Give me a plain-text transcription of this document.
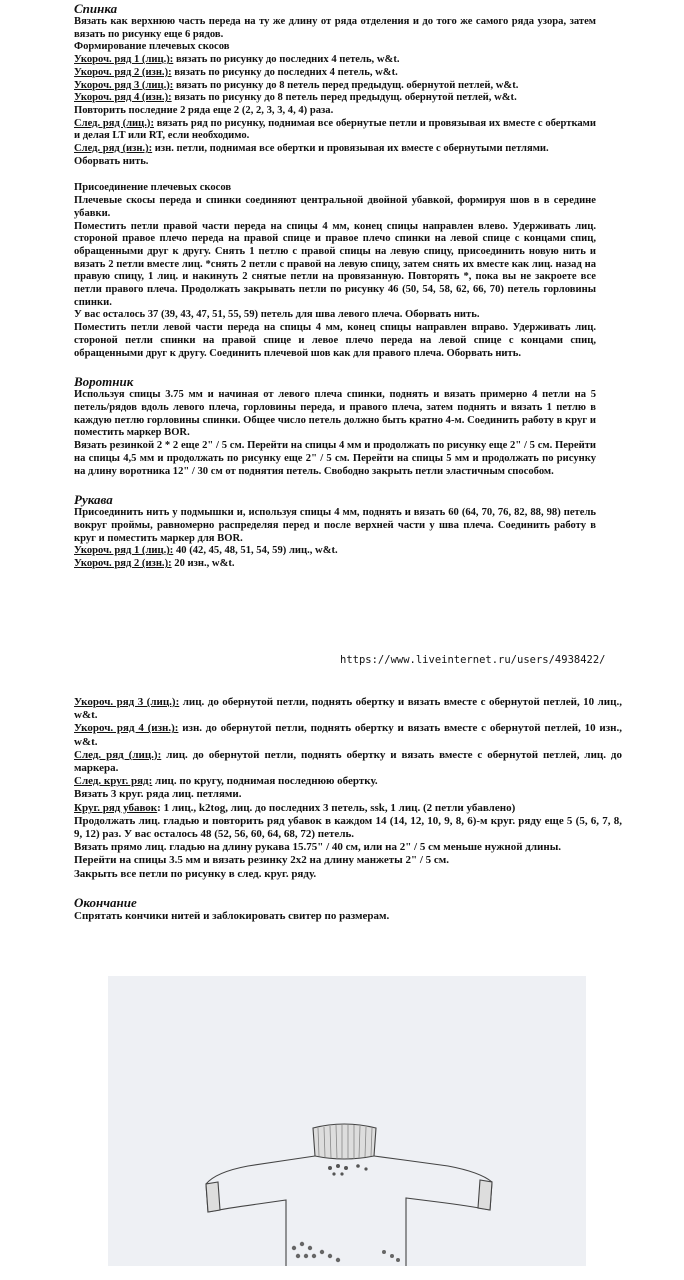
Спинка

Вязать как верхнюю часть переда на ту же длину от ряда отделения и до того же самого ряда узора, затем вязать по рисунку еще 6 рядов.

Формирование плечевых скосов

Укороч. ряд 1 (лиц.): вязать по рисунку до последних 4 петель, w&t.

Укороч. ряд 2 (изн.): вязать по рисунку до последних 4 петель, w&t.

Укороч. ряд 3 (лиц.): вязать по рисунку до 8 петель перед предыдущ. обернутой петлей, w&t.

Укороч. ряд 4 (изн.): вязать по рисунку до 8 петель перед предыдущ. обернутой петлей, w&t.

Повторить последние 2 ряда еще 2 (2, 2, 3, 3, 4, 4) раза.

След. ряд (лиц.): вязать ряд по рисунку, поднимая все обернутые петли и провязывая их вместе с обертками и делая LT или RT, если необходимо.

След. ряд (изн.): изн. петли, поднимая все обертки и провязывая их вместе с обернутыми петлями.

Оборвать нить.

Присоединение плечевых скосов

Плечевые скосы переда и спинки соединяют центральной двойной убавкой, формируя шов в в середине убавки.

Поместить петли правой части переда на спицы 4 мм, конец спицы направлен влево. Удерживать лиц. стороной правое плечо переда на правой спице и правое плечо спинки на левой спице с концами спиц, обращенными друг к другу. Снять 1 петлю с правой спицы на левую спицу, присоединить новую нить и вязать 2 петли вместе лиц. *снять 2 петли с правой на левую спицу, затем снять их вместе как лиц. назад на правую спицу, 1 лиц. и накинуть 2 снятые петли на провязанную. Повторять *, пока вы не закроете все петли правого плеча. Продолжать закрывать петли по рисунку 46 (50, 54, 58, 62, 66, 70) петель горловины спинки.

У вас осталось 37 (39, 43, 47, 51, 55, 59) петель для шва левого плеча. Оборвать нить.

Поместить петли левой части переда на спицы 4 мм, конец спицы направлен вправо. Удерживать лиц. стороной петли спинки на правой спице и левое плечо переда на левой спице с концами спиц, обращенными друг к другу. Соединить плечевой шов как для правого плеча. Оборвать нить.

Воротник

Используя спицы 3.75 мм и начиная от левого плеча спинки, поднять и вязать примерно 4 петли на 5 петель/рядов вдоль левого плеча, горловины переда, и правого плеча, затем поднять и вязать 1 петлю в каждую петлю горловины спинки. Общее число петель должно быть кратно 4-м. Соединить работу в круг и поместить маркер BOR.

Вязать резинкой 2 * 2 еще 2" / 5 см. Перейти на спицы 4 мм и продолжать по рисунку еще 2" / 5 см. Перейти на спицы 4,5 мм и продолжать по рисунку еще 2" / 5 см. Перейти на спицы 5 мм и продолжать по рисунку на длину воротника 12" / 30 см от поднятия петель. Свободно закрыть петли эластичным способом.

Рукава

Присоединить нить у подмышки и, используя спицы 4 мм, поднять и вязать 60 (64, 70, 76, 82, 88, 98) петель вокруг проймы, равномерно распределяя перед и после верхней части у шва плеча. Соединить работу в круг и поместить маркер для BOR.

Укороч. ряд 1 (лиц.): 40 (42, 45, 48, 51, 54, 59) лиц., w&t.

Укороч. ряд 2 (изн.): 20 изн., w&t.

https://www.liveinternet.ru/users/4938422/

Укороч. ряд 3 (лиц.): лиц. до обернутой петли, поднять обертку и вязать вместе с обернутой петлей, 10 лиц., w&t.

Укороч. ряд 4 (изн.): изн. до обернутой петли, поднять обертку и вязать вместе с обернутой петлей, 10 изн., w&t.

След. ряд (лиц.): лиц. до обернутой петли, поднять обертку и вязать вместе с обернутой петлей, лиц. до маркера.

След. круг. ряд: лиц. по кругу, поднимая последнюю обертку.

Вязать 3 круг. ряда лиц. петлями.

Круг. ряд убавок: 1 лиц., k2tog, лиц. до последних 3 петель, ssk, 1 лиц. (2 петли убавлено)

Продолжать лиц. гладью и повторить ряд убавок в каждом 14 (14, 12, 10, 9, 8, 6)-м круг. ряду еще 5 (5, 6, 7, 8, 9, 12) раз. У вас осталось 48 (52, 56, 60, 64, 68, 72) петель.

Вязать прямо лиц. гладью на длину рукава 15.75" / 40 см, или на 2" / 5 см меньше нужной длины.

Перейти на спицы 3.5 мм и вязать резинку 2х2 на длину манжеты 2" / 5 см.

Закрыть все петли по рисунку в след. круг. ряду.

Окончание

Спрятать кончики нитей и заблокировать свитер по размерам.
